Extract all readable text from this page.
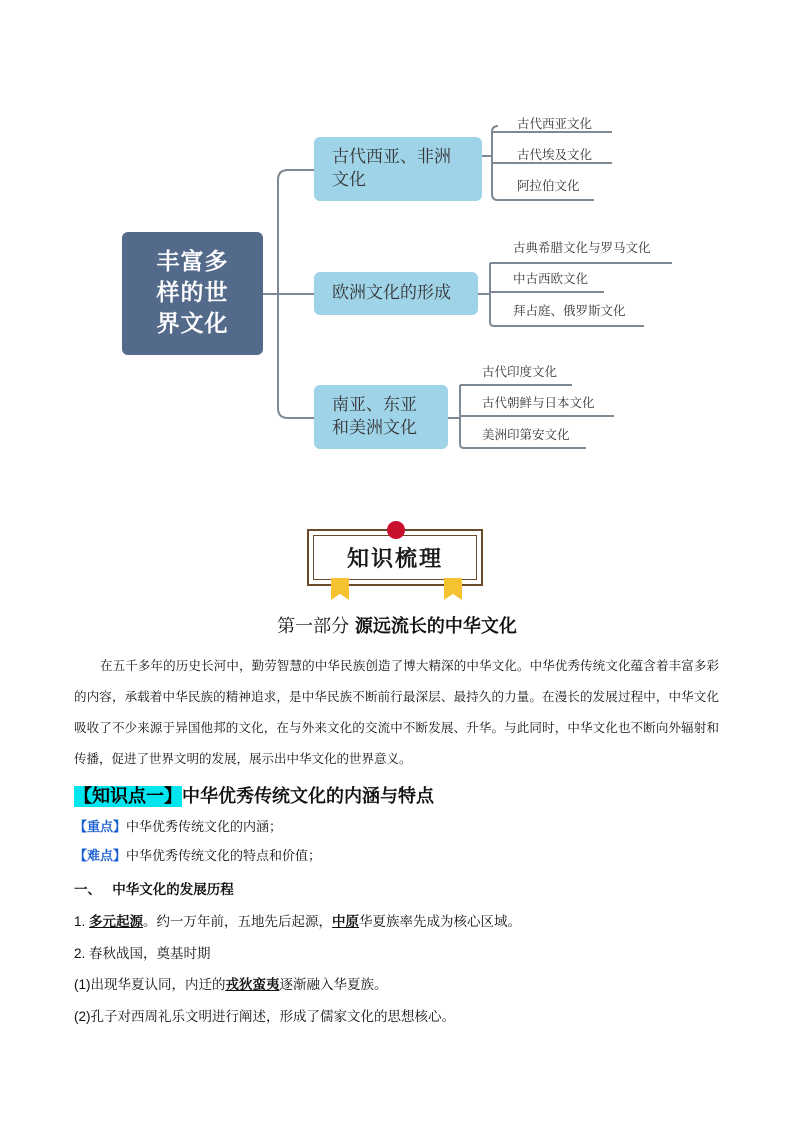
丰富多
样的世
界文化
古代西亚、非洲
文化
欧洲文化的形成
南亚、东亚
和美洲文化
古代西亚文化
古代埃及文化
阿拉伯文化
古典希腊文化与罗马文化
中古西欧文化
拜占庭、俄罗斯文化
古代印度文化
古代朝鲜与日本文化
美洲印第安文化
知识梳理
第一部分 源远流长的中华文化
在五千多年的历史长河中，勤劳智慧的中华民族创造了博大精深的中华文化。中华优秀传统文化蕴含着丰富多彩的内容，承载着中华民族的精神追求，是中华民族不断前行最深层、最持久的力量。在漫长的发展过程中，中华文化吸收了不少来源于异国他邦的文化，在与外来文化的交流中不断发展、升华。与此同时，中华文化也不断向外辐射和传播，促进了世界文明的发展，展示出中华文化的世界意义。
【知识点一】中华优秀传统文化的内涵与特点
【重点】中华优秀传统文化的内涵；
【难点】中华优秀传统文化的特点和价值；
一、 中华文化的发展历程
1. 多元起源。约一万年前，五地先后起源，中原华夏族率先成为核心区域。
2. 春秋战国，奠基时期
(1)出现华夏认同，内迁的戎狄蛮夷逐渐融入华夏族。
(2)孔子对西周礼乐文明进行阐述，形成了儒家文化的思想核心。
